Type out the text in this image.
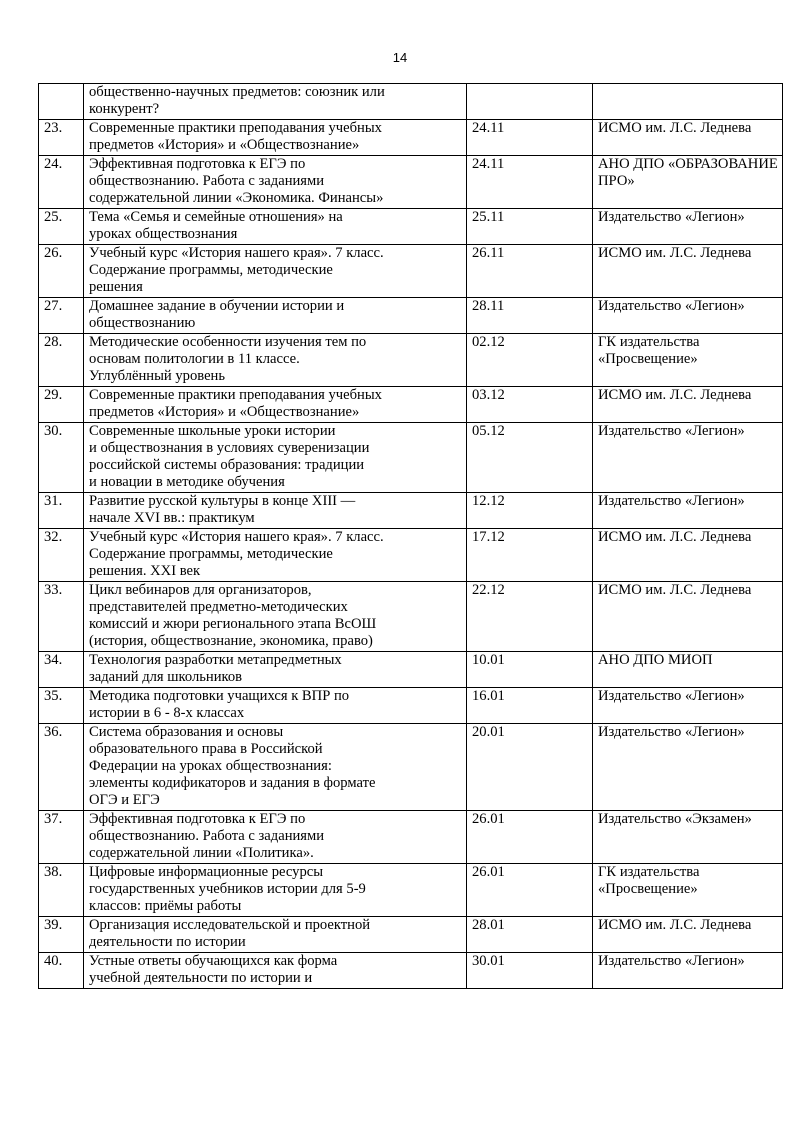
14

	общественно-научных предметов: союзник или
конкурент?		

23.	Современные практики преподавания учебных
предметов «История» и «Обществознание»	24.11	ИСМО им. Л.С. Леднева

24.	Эффективная подготовка к ЕГЭ по
обществознанию. Работа с заданиями
содержательной линии «Экономика. Финансы»	24.11	АНО ДПО «ОБРАЗОВАНИЕ
ПРО»

25.	Тема «Семья и семейные отношения» на
уроках обществознания	25.11	Издательство «Легион»

26.	Учебный курс «История нашего края». 7 класс.
Содержание программы, методические
решения	26.11	ИСМО им. Л.С. Леднева

27.	Домашнее задание в обучении истории и
обществознанию	28.11	Издательство «Легион»

28.	Методические особенности изучения тем по
основам политологии в 11 классе.
Углублённый уровень	02.12	ГК издательства
«Просвещение»

29.	Современные практики преподавания учебных
предметов «История» и «Обществознание»	03.12	ИСМО им. Л.С. Леднева

30.	Современные школьные уроки истории
и обществознания в условиях суверенизации
российской системы образования: традиции
и новации в методике обучения	05.12	Издательство «Легион»

31.	Развитие русской культуры в конце XIII —
начале XVI вв.: практикум	12.12	Издательство «Легион»

32.	Учебный курс «История нашего края». 7 класс.
Содержание программы, методические
решения. XXI век	17.12	ИСМО им. Л.С. Леднева

33.	Цикл вебинаров для организаторов,
представителей предметно-методических
комиссий и жюри регионального этапа ВсОШ
(история, обществознание, экономика, право)	22.12	ИСМО им. Л.С. Леднева

34.	Технология разработки метапредметных
заданий для школьников	10.01	АНО ДПО МИОП

35.	Методика подготовки учащихся к ВПР по
истории в 6 - 8-х классах	16.01	Издательство «Легион»

36.	Система образования и основы
образовательного права в Российской
Федерации на уроках обществознания:
элементы кодификаторов и задания в формате
ОГЭ и ЕГЭ	20.01	Издательство «Легион»

37.	Эффективная подготовка к ЕГЭ по
обществознанию. Работа с заданиями
содержательной линии «Политика».	26.01	Издательство «Экзамен»

38.	Цифровые информационные ресурсы
государственных учебников истории для 5-9
классов: приёмы работы	26.01	ГК издательства
«Просвещение»

39.	Организация исследовательской и проектной
деятельности по истории	28.01	ИСМО им. Л.С. Леднева

40.	Устные ответы обучающихся как форма
учебной деятельности по истории и	30.01	Издательство «Легион»
